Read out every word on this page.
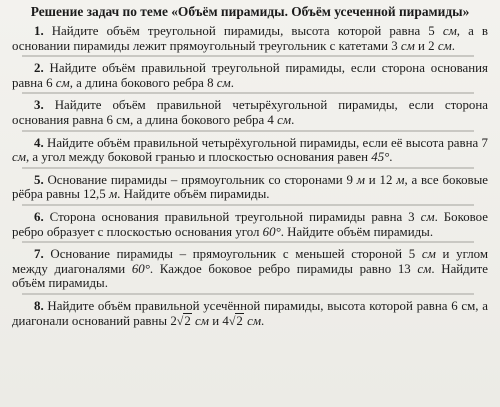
Решение задач по теме «Объём пирамиды. Объём усеченной пирамиды»
1. Найдите объём треугольной пирамиды, высота которой равна 5 см, а в основании пирамиды лежит прямоугольный треугольник с катетами 3 см и 2 см.
2. Найдите объём правильной треугольной пирамиды, если сторона основания равна 6 см, а длина бокового ребра 8 см.
3. Найдите объём правильной четырёхугольной пирамиды, если сторона основания равна 6 см, а длина бокового ребра 4 см.
4. Найдите объём правильной четырёхугольной пирамиды, если её высота равна 7 см, а угол между боковой гранью и плоскостью основания равен 45°.
5. Основание пирамиды – прямоугольник со сторонами 9 м и 12 м, а все боковые рёбра равны 12,5 м. Найдите объём пирамиды.
6. Сторона основания правильной треугольной пирамиды равна 3 см. Боковое ребро образует с плоскостью основания угол 60°. Найдите объём пирамиды.
7. Основание пирамиды – прямоугольник с меньшей стороной 5 см и углом между диагоналями 60°. Каждое боковое ребро пирамиды равно 13 см. Найдите объём пирамиды.
8. Найдите объём правильной усечённой пирамиды, высота которой равна 6 см, а диагонали оснований равны 2√2 см и 4√2 см.
